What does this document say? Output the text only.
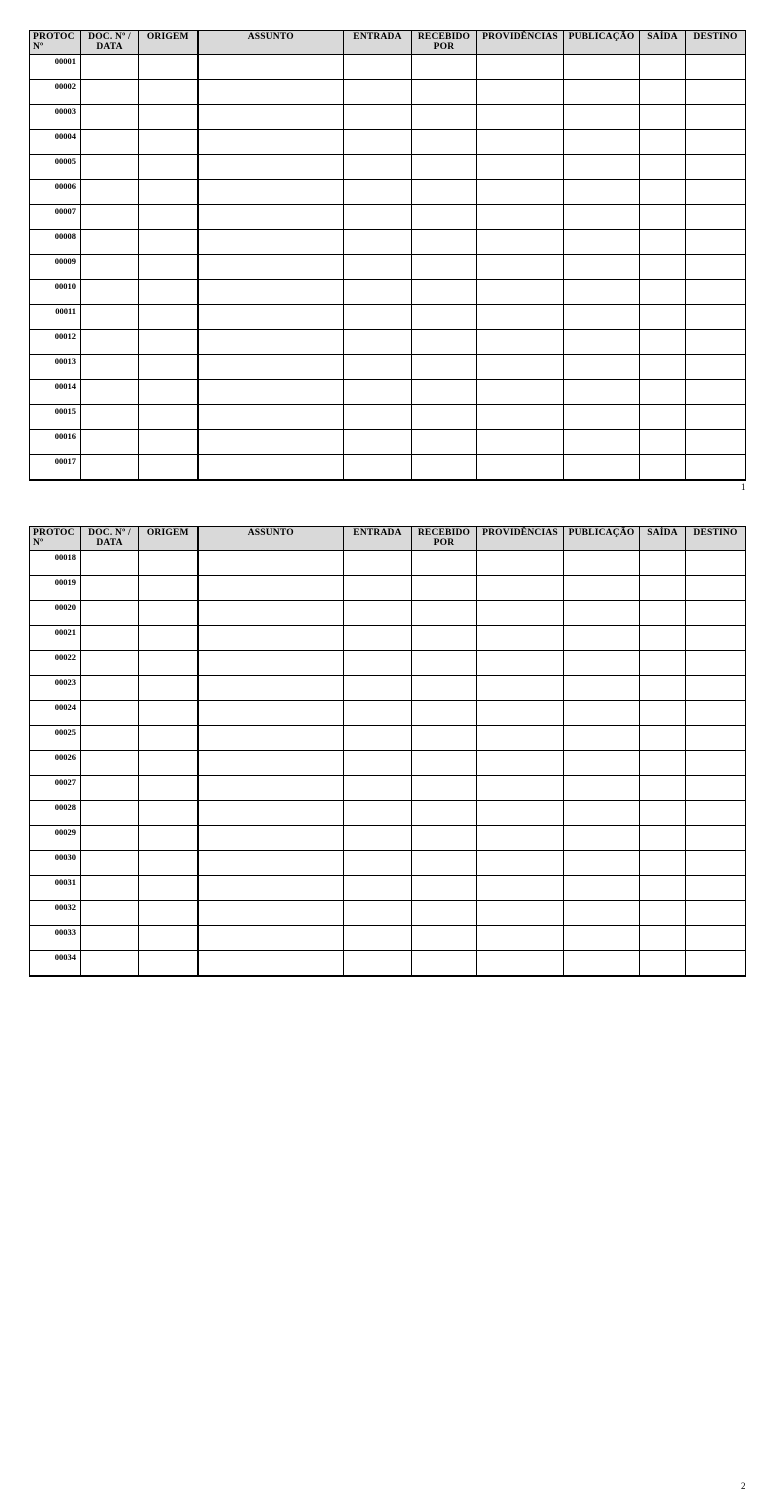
PROTOC Nº	DOC. Nº / DATA	ORIGEM	ASSUNTO	ENTRADA	RECEBIDO POR	PROVIDÊNCIAS	PUBLICAÇÃO	SAÍDA	DESTINO
00001									
00002									
00003									
00004									
00005									
00006									
00007									
00008									
00009									
00010									
00011									
00012									
00013									
00014									
00015									
00016									
00017									
1
PROTOC Nº	DOC. Nº / DATA	ORIGEM	ASSUNTO	ENTRADA	RECEBIDO POR	PROVIDÊNCIAS	PUBLICAÇÃO	SAÍDA	DESTINO
00018									
00019									
00020									
00021									
00022									
00023									
00024									
00025									
00026									
00027									
00028									
00029									
00030									
00031									
00032									
00033									
00034									
2
